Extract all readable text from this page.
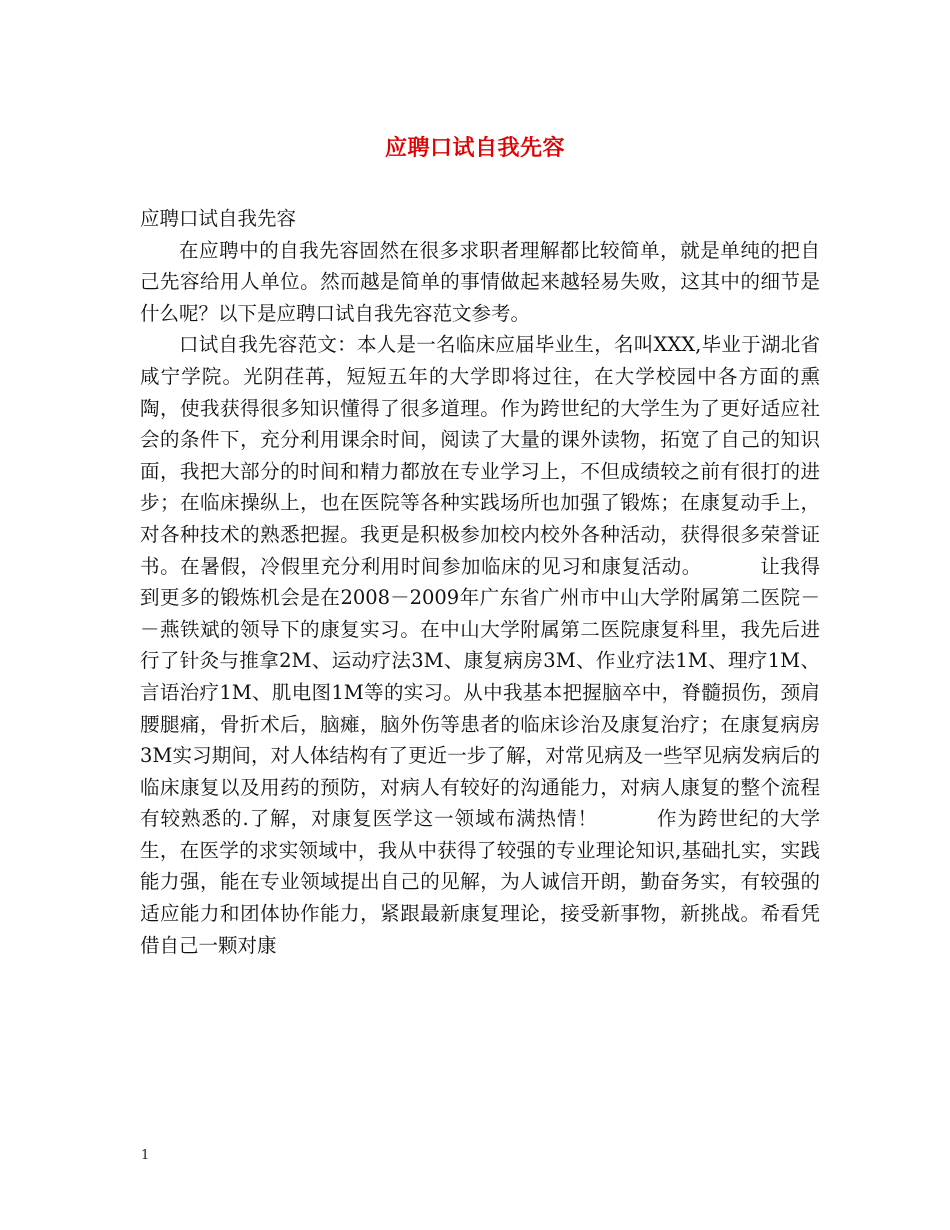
应聘口试自我先容

应聘口试自我先容

在应聘中的自我先容固然在很多求职者理解都比较简单，就是单纯的把自己先容给用人单位。然而越是简单的事情做起来越轻易失败，这其中的细节是什么呢？以下是应聘口试自我先容范文参考。

口试自我先容范文：本人是一名临床应届毕业生，名叫XXX,毕业于湖北省咸宁学院。光阴荏苒，短短五年的大学即将过往，在大学校园中各方面的熏陶，使我获得很多知识懂得了很多道理。作为跨世纪的大学生为了更好适应社会的条件下，充分利用课余时间，阅读了大量的课外读物，拓宽了自己的知识面，我把大部分的时间和精力都放在专业学习上，不但成绩较之前有很打的进步；在临床操纵上，也在医院等各种实践场所也加强了锻炼；在康复动手上，对各种技术的熟悉把握。我更是积极参加校内校外各种活动，获得很多荣誉证书。在暑假，冷假里充分利用时间参加临床的见习和康复活动。	让我得到更多的锻炼机会是在2008－2009年广东省广州市中山大学附属第二医院－－燕铁斌的领导下的康复实习。在中山大学附属第二医院康复科里，我先后进行了针灸与推拿2M、运动疗法3M、康复病房3M、作业疗法1M、理疗1M、言语治疗1M、肌电图1M等的实习。从中我基本把握脑卒中，脊髓损伤，颈肩腰腿痛，骨折术后，脑瘫，脑外伤等患者的临床诊治及康复治疗；在康复病房3M实习期间，对人体结构有了更近一步了解，对常见病及一些罕见病发病后的临床康复以及用药的预防，对病人有较好的沟通能力，对病人康复的整个流程有较熟悉的.了解，对康复医学这一领域布满热情！	作为跨世纪的大学生，在医学的求实领域中，我从中获得了较强的专业理论知识,基础扎实，实践能力强，能在专业领域提出自己的见解，为人诚信开朗，勤奋务实，有较强的适应能力和团体协作能力，紧跟最新康复理论，接受新事物，新挑战。希看凭借自己一颗对康

1
